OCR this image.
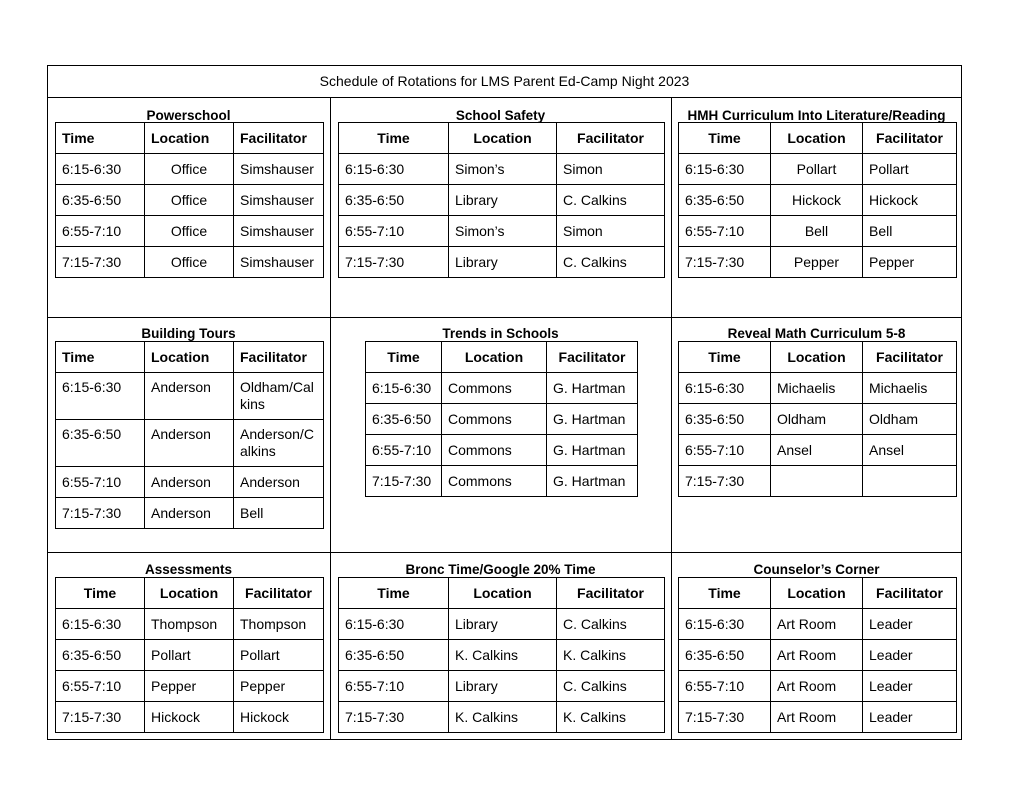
Schedule of Rotations for LMS Parent Ed-Camp Night 2023
Powerschool
Time	Location	Facilitator
6:15-6:30	Office	Simshauser
6:35-6:50	Office	Simshauser
6:55-7:10	Office	Simshauser
7:15-7:30	Office	Simshauser
School Safety
Time	Location	Facilitator
6:15-6:30	Simon’s	Simon
6:35-6:50	Library	C. Calkins
6:55-7:10	Simon’s	Simon
7:15-7:30	Library	C. Calkins
HMH Curriculum Into Literature/Reading
Time	Location	Facilitator
6:15-6:30	Pollart	Pollart
6:35-6:50	Hickock	Hickock
6:55-7:10	Bell	Bell
7:15-7:30	Pepper	Pepper
Building Tours
Time	Location	Facilitator
6:15-6:30	Anderson	Oldham/Calkins
6:35-6:50	Anderson	Anderson/Calkins
6:55-7:10	Anderson	Anderson
7:15-7:30	Anderson	Bell
Trends in Schools
Time	Location	Facilitator
6:15-6:30	Commons	G. Hartman
6:35-6:50	Commons	G. Hartman
6:55-7:10	Commons	G. Hartman
7:15-7:30	Commons	G. Hartman
Reveal Math Curriculum 5-8
Time	Location	Facilitator
6:15-6:30	Michaelis	Michaelis
6:35-6:50	Oldham	Oldham
6:55-7:10	Ansel	Ansel
7:15-7:30		
Assessments
Time	Location	Facilitator
6:15-6:30	Thompson	Thompson
6:35-6:50	Pollart	Pollart
6:55-7:10	Pepper	Pepper
7:15-7:30	Hickock	Hickock
Bronc Time/Google 20% Time
Time	Location	Facilitator
6:15-6:30	Library	C. Calkins
6:35-6:50	K. Calkins	K. Calkins
6:55-7:10	Library	C. Calkins
7:15-7:30	K. Calkins	K. Calkins
Counselor’s Corner
Time	Location	Facilitator
6:15-6:30	Art Room	Leader
6:35-6:50	Art Room	Leader
6:55-7:10	Art Room	Leader
7:15-7:30	Art Room	Leader
